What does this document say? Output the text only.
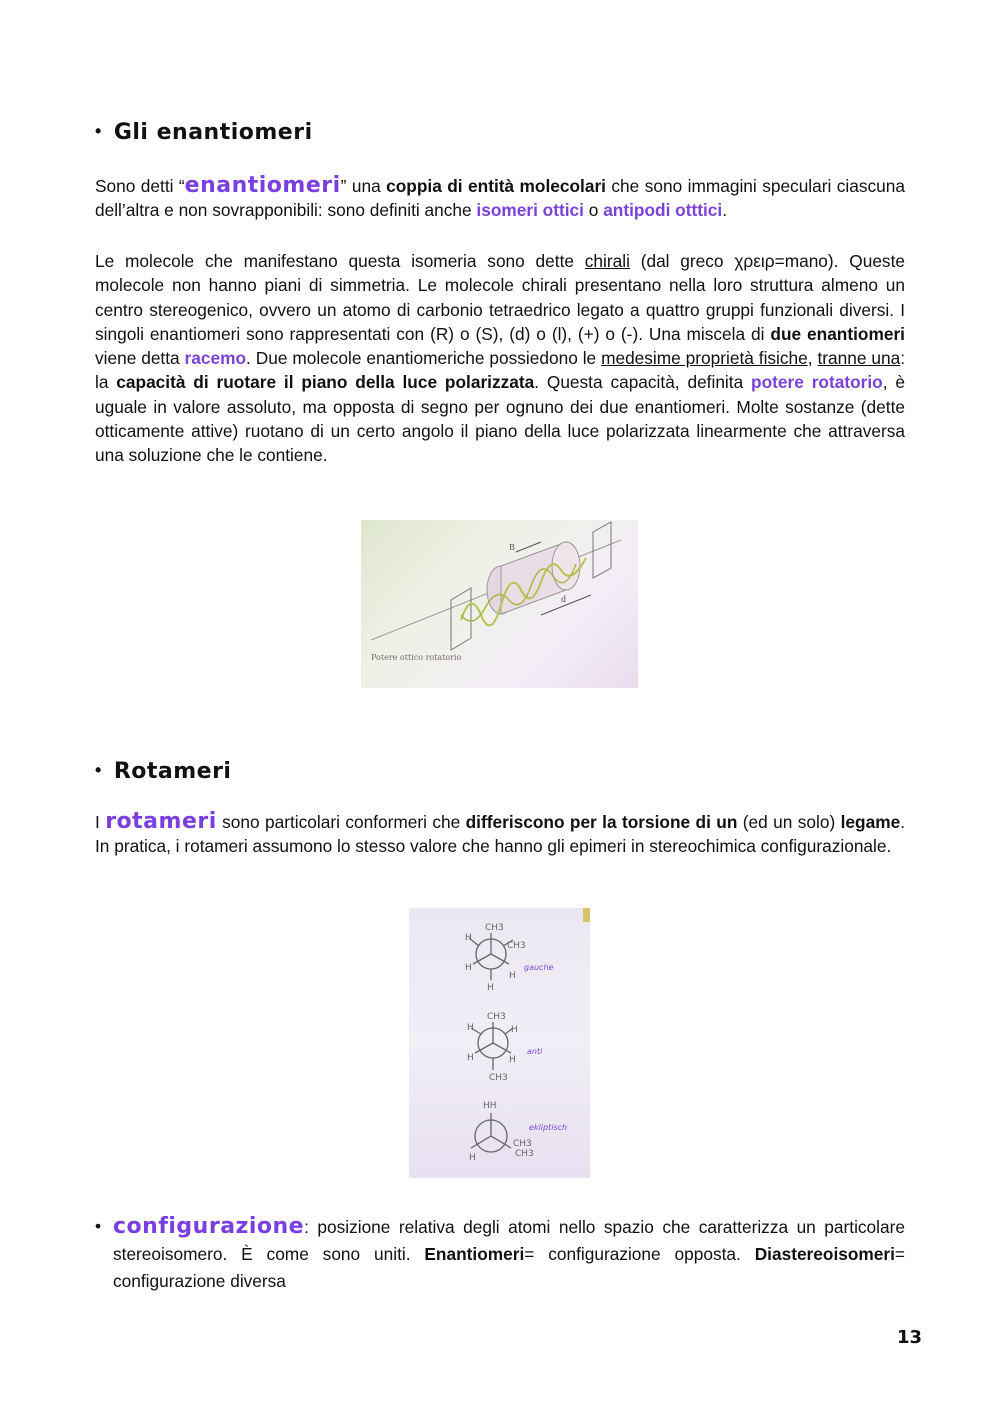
• Gli enantiomeri
Sono detti “enantiomeri” una coppia di entità molecolari che sono immagini speculari ciascuna dell’altra e non sovrapponibili: sono definiti anche isomeri ottici o antipodi otttici.
Le molecole che manifestano questa isomeria sono dette chirali (dal greco χρειρ=mano). Queste molecole non hanno piani di simmetria. Le molecole chirali presentano nella loro struttura almeno un centro stereogenico, ovvero un atomo di carbonio tetraedrico legato a quattro gruppi funzionali diversi. I singoli enantiomeri sono rappresentati con (R) o (S), (d) o (l), (+) o (-). Una miscela di due enantiomeri viene detta racemo. Due molecole enantiomeriche possiedono le medesime proprietà fisiche, tranne una: la capacità di ruotare il piano della luce polarizzata. Questa capacità, definita potere rotatorio, è uguale in valore assoluto, ma opposta di segno per ognuno dei due enantiomeri. Molte sostanze (dette otticamente attive) ruotano di un certo angolo il piano della luce polarizzata linearmente che attraversa una soluzione che le contiene.
B
d
Potere ottico rotatorio
• Rotameri
I rotameri sono particolari conformeri che differiscono per la torsione di un (ed un solo) legame. In pratica, i rotameri assumono lo stesso valore che hanno gli epimeri in stereochimica configurazionale.
CH3
H
CH3
H
H
H
gauche
CH3
H	H
H	H
CH3
anti
HH
H
CH3
CH3
ekliptisch
• configurazione: posizione relativa degli atomi nello spazio che caratterizza un particolare stereoisomero. È come sono uniti. Enantiomeri= configurazione opposta. Diastereoisomeri= configurazione diversa
13
